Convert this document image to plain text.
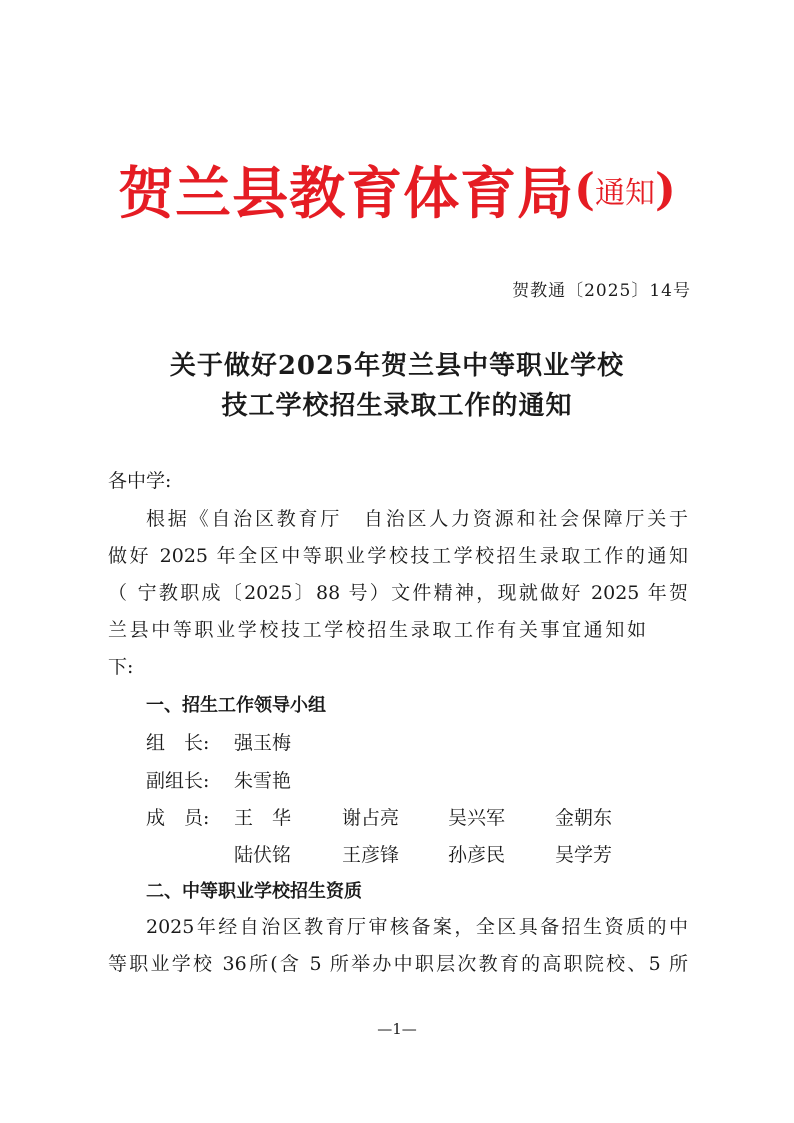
贺兰县教育体育局(通知)
贺教通〔2025〕14号
关于做好2025年贺兰县中等职业学校
技工学校招生录取工作的通知
各中学:
根据《自治区教育厅　自治区人力资源和社会保障厅关于
做好 2025 年全区中等职业学校技工学校招生录取工作的通知
（ 宁教职成〔2025〕88 号）文件精神，现就做好 2025 年贺
兰县中等职业学校技工学校招生录取工作有关事宜通知如
下:
一、招生工作领导小组
组　长: 强玉梅
副组长: 朱雪艳
成　员: 王　华	谢占亮	吴兴军	金朝东
陆伏铭	王彦锋	孙彦民	吴学芳
二、中等职业学校招生资质
2025年经自治区教育厅审核备案，全区具备招生资质的中
等职业学校 36所(含 5 所举办中职层次教育的高职院校、5 所
—1—
